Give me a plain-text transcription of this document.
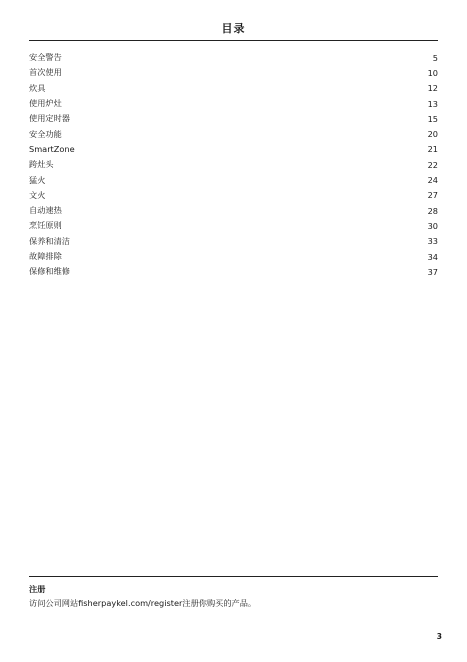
目录
安全警告	5
首次使用	10
炊具	12
使用炉灶	13
使用定时器	15
安全功能	20
SmartZone	21
跨灶头	22
猛火	24
文火	27
自动速热	28
烹饪原则	30
保养和清洁	33
故障排除	34
保修和维修	37
注册
访问公司网站fisherpaykel.com/register注册你购买的产品。
3
